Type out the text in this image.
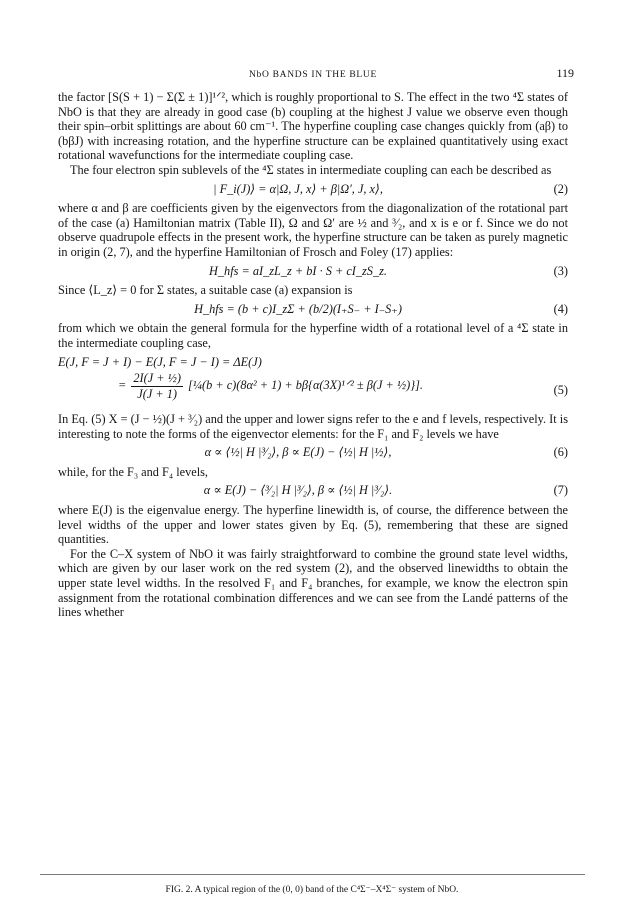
NbO BANDS IN THE BLUE	119

the factor [S(S + 1) − Σ(Σ ± 1)]¹ᐟ², which is roughly proportional to S. The effect in the two ⁴Σ states of NbO is that they are already in good case (b) coupling at the highest J value we observe even though their spin–orbit splittings are about 60 cm⁻¹. The hyperfine coupling case changes quickly from (aβ) to (bβJ) with increasing rotation, and the hyperfine structure can be explained quantitatively using exact rotational wavefunctions for the intermediate coupling case.

The four electron spin sublevels of the ⁴Σ states in intermediate coupling can each be described as

| F_i(J)⟩ = α|Ω, J, x⟩ + β|Ω′, J, x⟩,	(2)

where α and β are coefficients given by the eigenvectors from the diagonalization of the rotational part of the case (a) Hamiltonian matrix (Table II), Ω and Ω′ are ½ and ³⁄₂, and x is e or f. Since we do not observe quadrupole effects in the present work, the hyperfine structure can be taken as purely magnetic in origin (2, 7), and the hyperfine Hamiltonian of Frosch and Foley (17) applies:

H_hfs = aI_zL_z + bI · S + cI_zS_z.	(3)

Since ⟨L_z⟩ = 0 for Σ states, a suitable case (a) expansion is

H_hfs = (b + c)I_zΣ + (b/2)(I₊S₋ + I₋S₊)	(4)

from which we obtain the general formula for the hyperfine width of a rotational level of a ⁴Σ state in the intermediate coupling case,

E(J, F = J + I) − E(J, F = J − I) = ΔE(J)
= $\frac{\text{2I(J + ½)}}{J(J + 1)}$ [¼(b + c)(8α² + 1) + bβ{α(3X)¹ᐟ² ± β(J + ½)}].	(5)

In Eq. (5) X = (J − ½)(J + ³⁄₂) and the upper and lower signs refer to the e and f levels, respectively. It is interesting to note the forms of the eigenvector elements: for the F₁ and F₂ levels we have

α ∝ ⟨½| H |³⁄₂⟩, β ∝ E(J) − ⟨½| H |½⟩,	(6)

while, for the F₃ and F₄ levels,

α ∝ E(J) − ⟨³⁄₂| H |³⁄₂⟩, β ∝ ⟨½| H |³⁄₂⟩.	(7)

where E(J) is the eigenvalue energy. The hyperfine linewidth is, of course, the difference between the level widths of the upper and lower states given by Eq. (5), remembering that these are signed quantities.

For the C–X system of NbO it was fairly straightforward to combine the ground state level widths, which are given by our laser work on the red system (2), and the observed linewidths to obtain the upper state level widths. In the resolved F₁ and F₄ branches, for example, we know the electron spin assignment from the rotational combination differences and we can see from the Landé patterns of the lines whether

FIG. 2. A typical region of the (0, 0) band of the C⁴Σ⁻–X⁴Σ⁻ system of NbO.
